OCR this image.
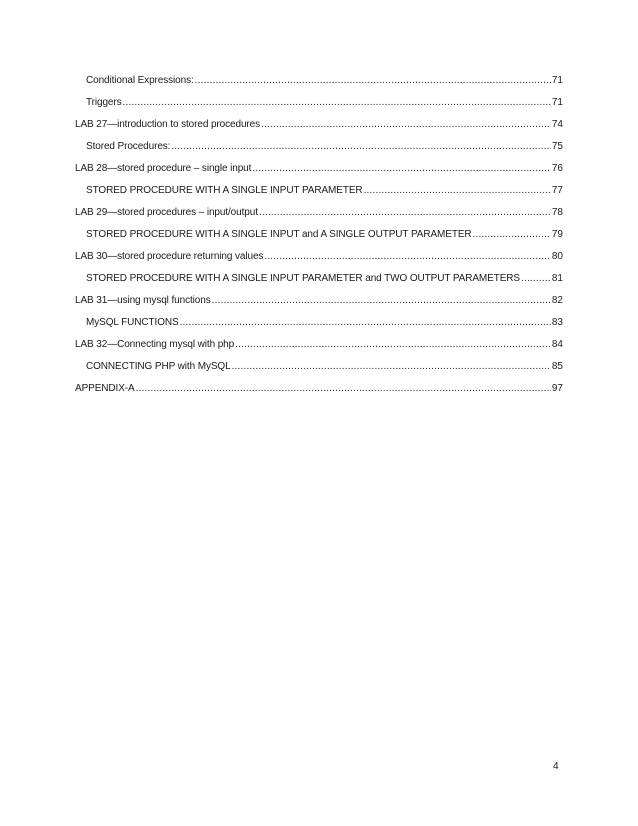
Conditional Expressions: .....	71
Triggers .....	71
LAB 27—introduction to stored procedures .....	74
Stored Procedures: .....	75
LAB 28—stored procedure – single input .....	76
STORED PROCEDURE WITH A SINGLE INPUT PARAMETER .....	77
LAB 29—stored procedures – input/output .....	78
STORED PROCEDURE WITH A SINGLE INPUT and A SINGLE OUTPUT PARAMETER .....	79
LAB 30—stored procedure returning values .....	80
STORED PROCEDURE WITH A SINGLE INPUT PARAMETER and TWO OUTPUT PARAMETERS .....	81
LAB 31—using mysql functions .....	82
MySQL FUNCTIONS .....	83
LAB 32—Connecting mysql with php .....	84
CONNECTING PHP with MySQL .....	85
APPENDIX-A .....	97
4
